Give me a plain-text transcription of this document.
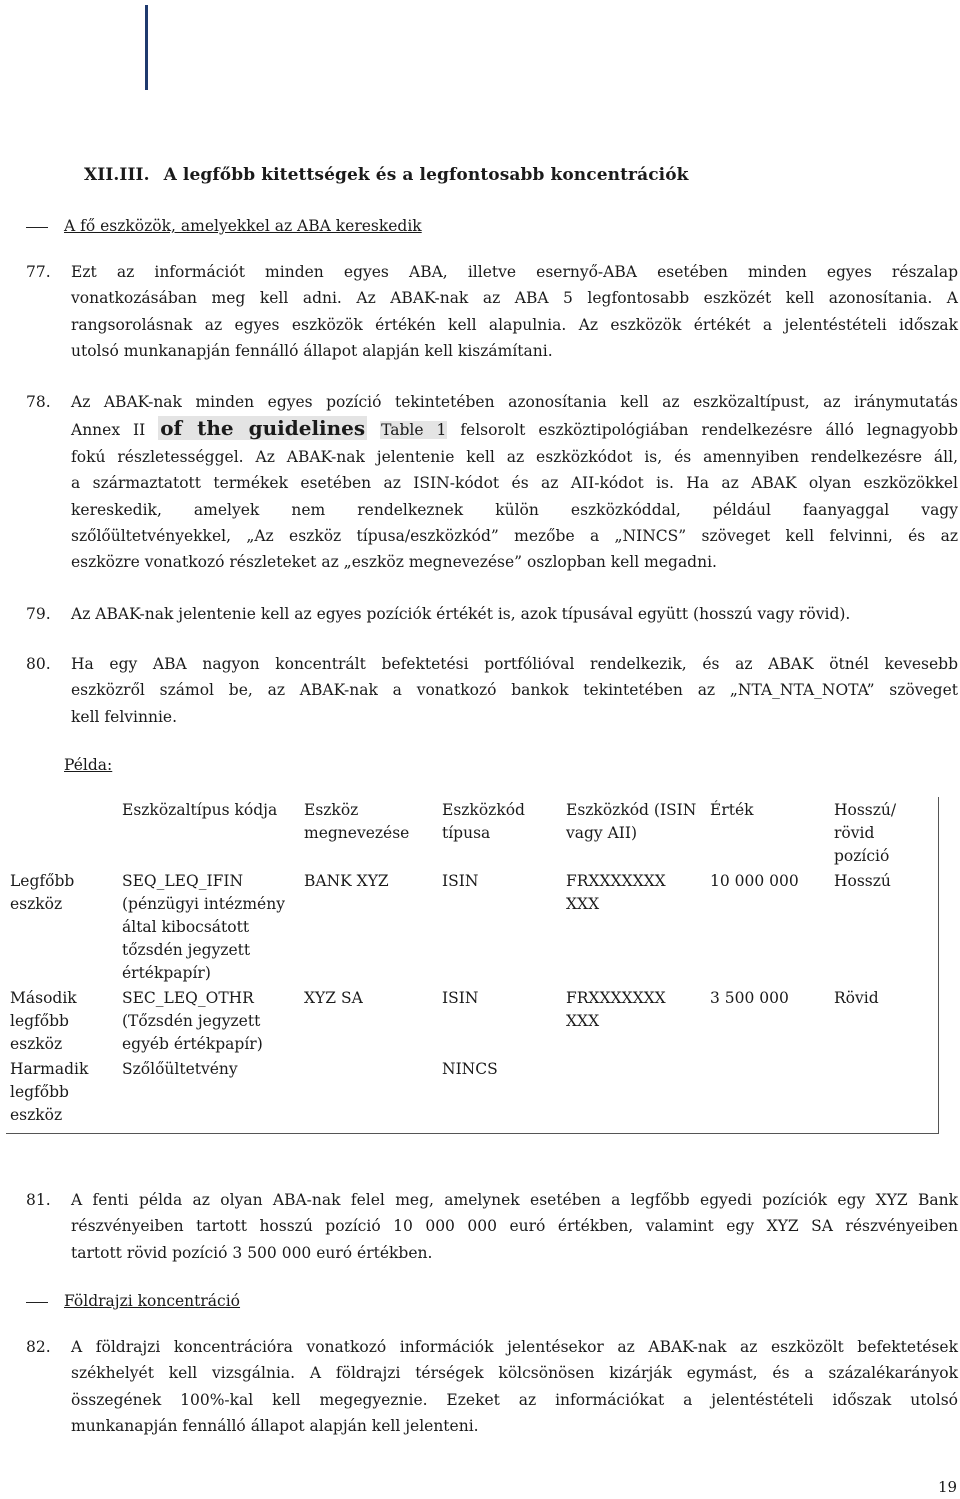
XII.III. A legfőbb kitettségek és a legfontosabb koncentrációk
A fő eszközök, amelyekkel az ABA kereskedik
77. Ezt az információt minden egyes ABA, illetve esernyő-ABA esetében minden egyes részalap
vonatkozásában meg kell adni. Az ABAK-nak az ABA 5 legfontosabb eszközét kell azonosítania. A
rangsorolásnak az egyes eszközök értékén kell alapulnia. Az eszközök értékét a jelentéstételi időszak
utolsó munkanapján fennálló állapot alapján kell kiszámítani.
78. Az ABAK-nak minden egyes pozíció tekintetében azonosítania kell az eszközaltípust, az iránymutatás
Annex II of the guidelines Table 1 felsorolt eszköztipológiában rendelkezésre álló legnagyobb
fokú részletességgel. Az ABAK-nak jelentenie kell az eszközkódot is, és amennyiben rendelkezésre áll,
a származtatott termékek esetében az ISIN-kódot és az AII-kódot is. Ha az ABAK olyan eszközökkel
kereskedik, amelyek nem rendelkeznek külön eszközkóddal, például faanyaggal vagy
szőlőültetvényekkel, „Az eszköz típusa/eszközkód” mezőbe a „NINCS” szöveget kell felvinni, és az
eszközre vonatkozó részleteket az „eszköz megnevezése” oszlopban kell megadni.
79. Az ABAK-nak jelentenie kell az egyes pozíciók értékét is, azok típusával együtt (hosszú vagy rövid).
80. Ha egy ABA nagyon koncentrált befektetési portfólióval rendelkezik, és az ABAK ötnél kevesebb
eszközről számol be, az ABAK-nak a vonatkozó bankok tekintetében az „NTA_NTA_NOTA” szöveget
kell felvinnie.
Példa:
	Eszközaltípus kódja	Eszköz megnevezése	Eszközkód típusa	Eszközkód (ISIN vagy AII)	Érték	Hosszú/ rövid pozíció
Legfőbb eszköz	SEQ_LEQ_IFIN (pénzügyi intézmény által kibocsátott tőzsdén jegyzett értékpapír)	BANK XYZ	ISIN	FRXXXXXXX XXX	10 000 000	Hosszú
Második legfőbb eszköz	SEC_LEQ_OTHR (Tőzsdén jegyzett egyéb értékpapír)	XYZ SA	ISIN	FRXXXXXXX XXX	3 500 000	Rövid
Harmadik legfőbb eszköz	Szőlőültetvény		NINCS			
81. A fenti példa az olyan ABA-nak felel meg, amelynek esetében a legfőbb egyedi pozíciók egy XYZ Bank
részvényeiben tartott hosszú pozíció 10 000 000 euró értékben, valamint egy XYZ SA részvényeiben
tartott rövid pozíció 3 500 000 euró értékben.
Földrajzi koncentráció
82. A földrajzi koncentrációra vonatkozó információk jelentésekor az ABAK-nak az eszközölt befektetések
székhelyét kell vizsgálnia. A földrajzi térségek kölcsönösen kizárják egymást, és a százalékarányok
összegének 100%-kal kell megegyeznie. Ezeket az információkat a jelentéstételi időszak utolsó
munkanapján fennálló állapot alapján kell jelenteni.
19
